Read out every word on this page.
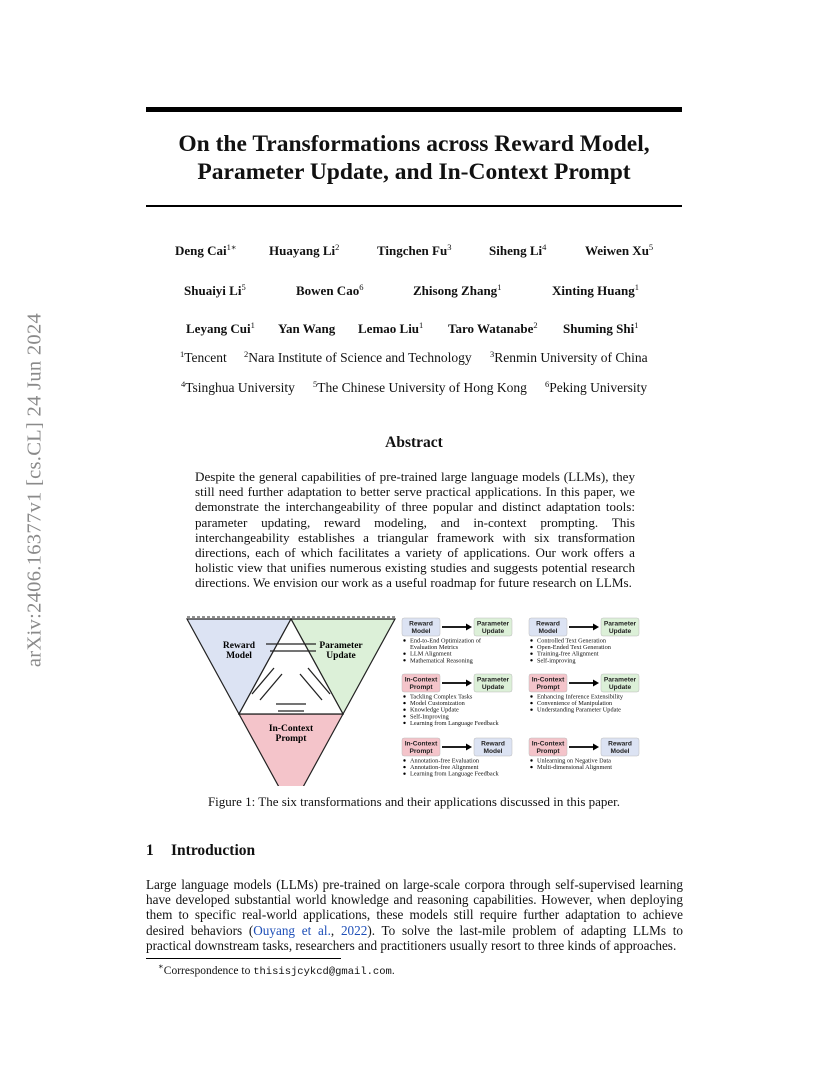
arXiv:2406.16377v1 [cs.CL] 24 Jun 2024
On the Transformations across Reward Model,
Parameter Update, and In-Context Prompt
Deng Cai$^{1∗}$ Huayang Li$^2$	Tingchen Fu$^3$	Siheng Li$^4$	Weiwen Xu$^5$
Shuaiyi Li$^5$	Bowen Cao$^6$	Zhisong Zhang$^1$	Xinting Huang$^1$
Leyang Cui$^1$ Yan Wang Lemao Liu$^1$ Taro Watanabe$^2$ Shuming Shi$^1$
$^1$Tencent $^2$Nara Institute of Science and Technology $^3$Renmin University of China
$^4$Tsinghua University $^5$The Chinese University of Hong Kong $^6$Peking University
Abstract

Despite the general capabilities of pre-trained large language models (LLMs), they still need further adaptation to better serve practical applications. In this paper, we demonstrate the interchangeability of three popular and distinct adaptation tools: parameter updating, reward modeling, and in-context prompting. This interchangeability establishes a triangular framework with six transformation directions, each of which facilitates a variety of applications. Our work offers a holistic view that unifies numerous existing studies and suggests potential research directions. We envision our work as a useful roadmap for future research on LLMs.

Reward
Model
Parameter
Update
In-Context
Prompt
Reward
Model
Parameter
Update
End-to-End Optimization of
Evaluation Metrics
LLM Alignment
Mathematical Reasoning
Reward
Model
Parameter
Update
Controlled Text Generation
Open-Ended Text Generation
Training-free Alignment
Self-improving
In-Context
Prompt
Parameter
Update
Tackling Complex Tasks
Model Customization
Knowledge Update
Self-Improving
Learning from Language Feedback
In-Context
Prompt
Parameter
Update
Enhancing Inference Extensibility
Convenience of Manipulation
Understanding Parameter Update
In-Context
Prompt
Reward
Model
Annotation-free Evaluation
Annotation-free Alignment
Learning from Language Feedback
In-Context
Prompt
Reward
Model
Unlearning on Negative Data
Multi-dimensional Alignment
Figure 1: The six transformations and their applications discussed in this paper.
1 Introduction

Large language models (LLMs) pre-trained on large-scale corpora through self-supervised learning have developed substantial world knowledge and reasoning capabilities. However, when deploying them to specific real-world applications, these models still require further adaptation to achieve desired behaviors (Ouyang et al., 2022). To solve the last-mile problem of adapting LLMs to practical downstream tasks, researchers and practitioners usually resort to three kinds of approaches.

∗Correspondence to thisisjcykcd@gmail.com.
